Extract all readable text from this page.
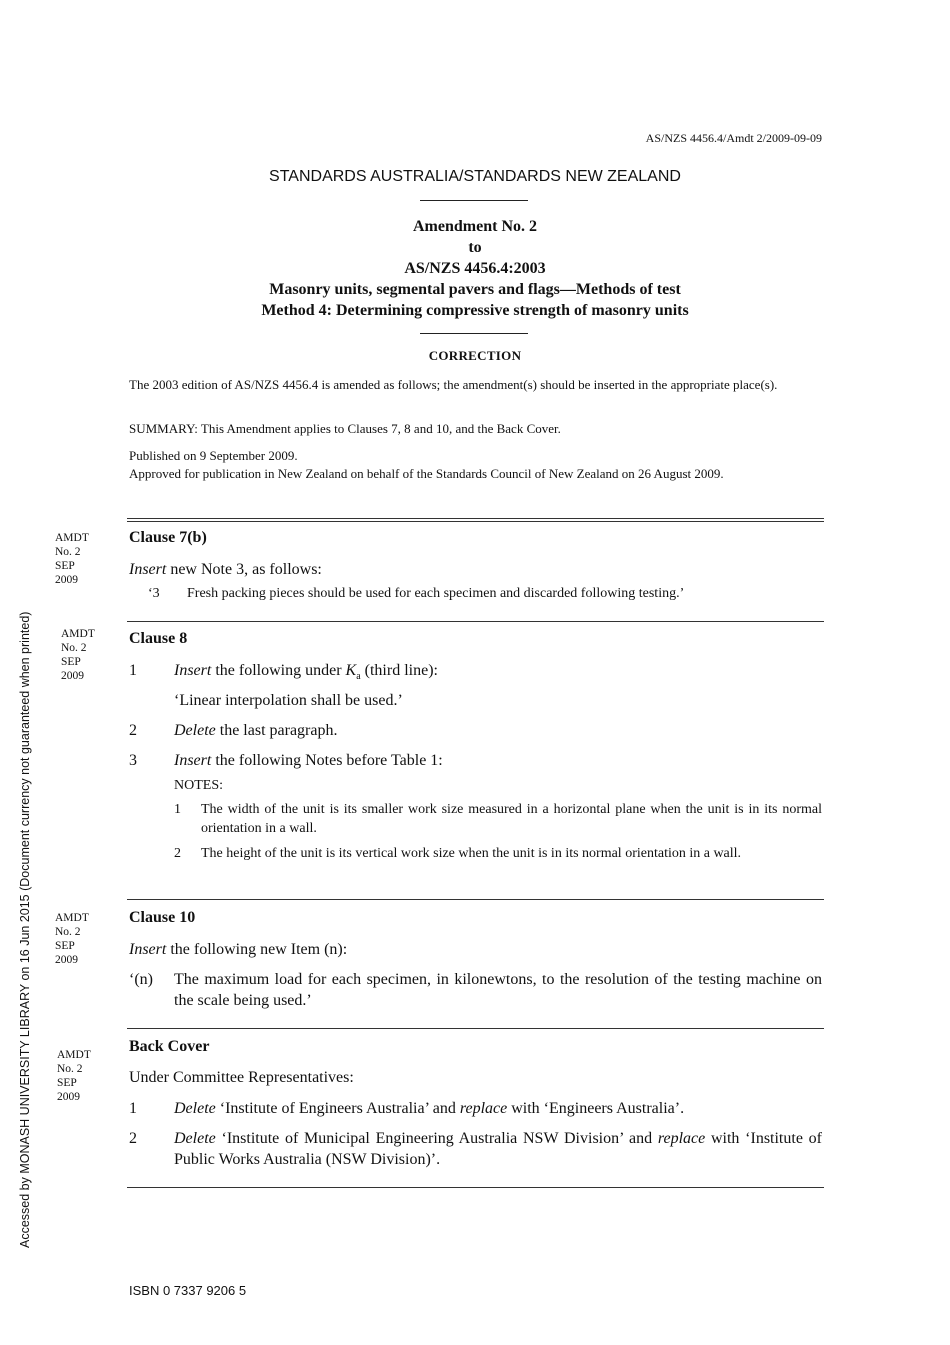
AS/NZS 4456.4/Amdt 2/2009-09-09
STANDARDS AUSTRALIA/STANDARDS NEW ZEALAND
Amendment No. 2
to
AS/NZS 4456.4:2003
Masonry units, segmental pavers and flags—Methods of test
Method 4: Determining compressive strength of masonry units
CORRECTION
The 2003 edition of AS/NZS 4456.4 is amended as follows; the amendment(s) should be inserted in the appropriate place(s).
SUMMARY: This Amendment applies to Clauses 7, 8 and 10, and the Back Cover.
Published on 9 September 2009.
Approved for publication in New Zealand on behalf of the Standards Council of New Zealand on 26 August 2009.
AMDT
No. 2
SEP
2009
Clause 7(b)
Insert new Note 3, as follows:
‘3 Fresh packing pieces should be used for each specimen and discarded following testing.’
AMDT
No. 2
SEP
2009
Clause 8
1 Insert the following under $K_a$ (third line):
‘Linear interpolation shall be used.’
2 Delete the last paragraph.
3 Insert the following Notes before Table 1:
NOTES:
1 The width of the unit is its smaller work size measured in a horizontal plane when the unit is in its normal orientation in a wall.
2 The height of the unit is its vertical work size when the unit is in its normal orientation in a wall.
AMDT
No. 2
SEP
2009
Clause 10
Insert the following new Item (n):
‘(n) The maximum load for each specimen, in kilonewtons, to the resolution of the testing machine on the scale being used.’
AMDT
No. 2
SEP
2009
Back Cover
Under Committee Representatives:
1 Delete ‘Institute of Engineers Australia’ and replace with ‘Engineers Australia’.
2 Delete ‘Institute of Municipal Engineering Australia NSW Division’ and replace with ‘Institute of Public Works Australia (NSW Division)’.
Accessed by MONASH UNIVERSITY LIBRARY on 16 Jun 2015 (Document currency not guaranteed when printed)
ISBN 0 7337 9206 5
